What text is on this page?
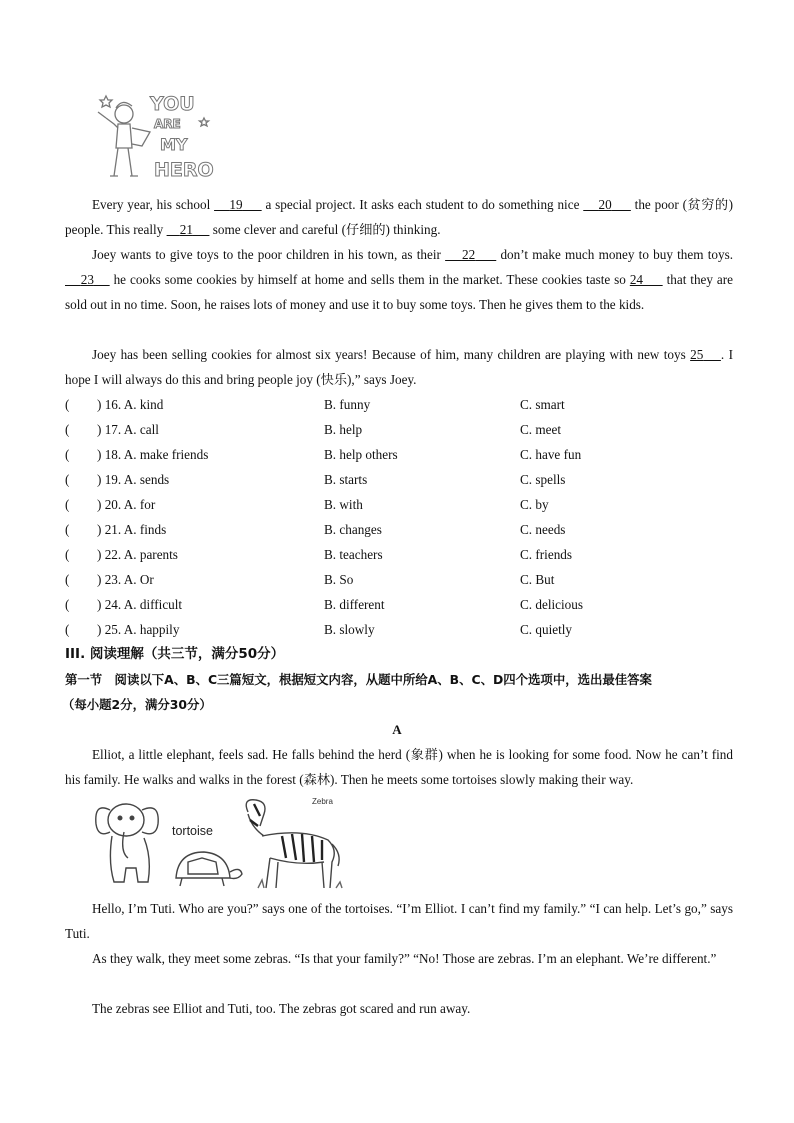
YOU
ARE
MY
HERO
Every year, his school     19      a special project. It asks each student to do something nice     20      the poor (贫穷的) people. This really     21      some clever and careful (仔细的) thinking.
Joey wants to give toys to the poor children in his town, as their     22      don’t make much money to buy them toys.     23     he cooks some cookies by himself at home and sells them in the market. These cookies taste so 24      that they are sold out in no time. Soon, he raises lots of money and use it to buy some toys. Then he gives them to the kids.
Joey has been selling cookies for almost six years! Because of him, many children are playing with new toys 25 . I hope I will always do this and bring people joy (快乐),” says Joey.
( ) 16. A. kind	B. funny	C. smart
( ) 17. A. call	B. help	C. meet
( ) 18. A. make friends	B. help others	C. have fun
( ) 19. A. sends	B. starts	C. spells
( ) 20. A. for	B. with	C. by
( ) 21. A. finds	B. changes	C. needs
( ) 22. A. parents	B. teachers	C. friends
( ) 23. A. Or	B. So	C. But
( ) 24. A. difficult	B. different	C. delicious
( ) 25. A. happily	B. slowly	C. quietly
III. 阅读理解（共三节，满分50分）
第一节　阅读以下A、B、C三篇短文，根据短文内容，从题中所给A、B、C、D四个选项中，选出最佳答案
（每小题2分，满分30分）
A
Elliot, a little elephant, feels sad. He falls behind the herd (象群) when he is looking for some food. Now he can’t find his family. He walks and walks in the forest (森林). Then he meets some tortoises slowly making their way.
tortoise
Zebra
Hello, I’m Tuti. Who are you?” says one of the tortoises. “I’m Elliot. I can’t find my family.” “I can help. Let’s go,” says Tuti.
As they walk, they meet some zebras. “Is that your family?” “No! Those are zebras. I’m an elephant. We’re different.”
The zebras see Elliot and Tuti, too. The zebras got scared and run away.
